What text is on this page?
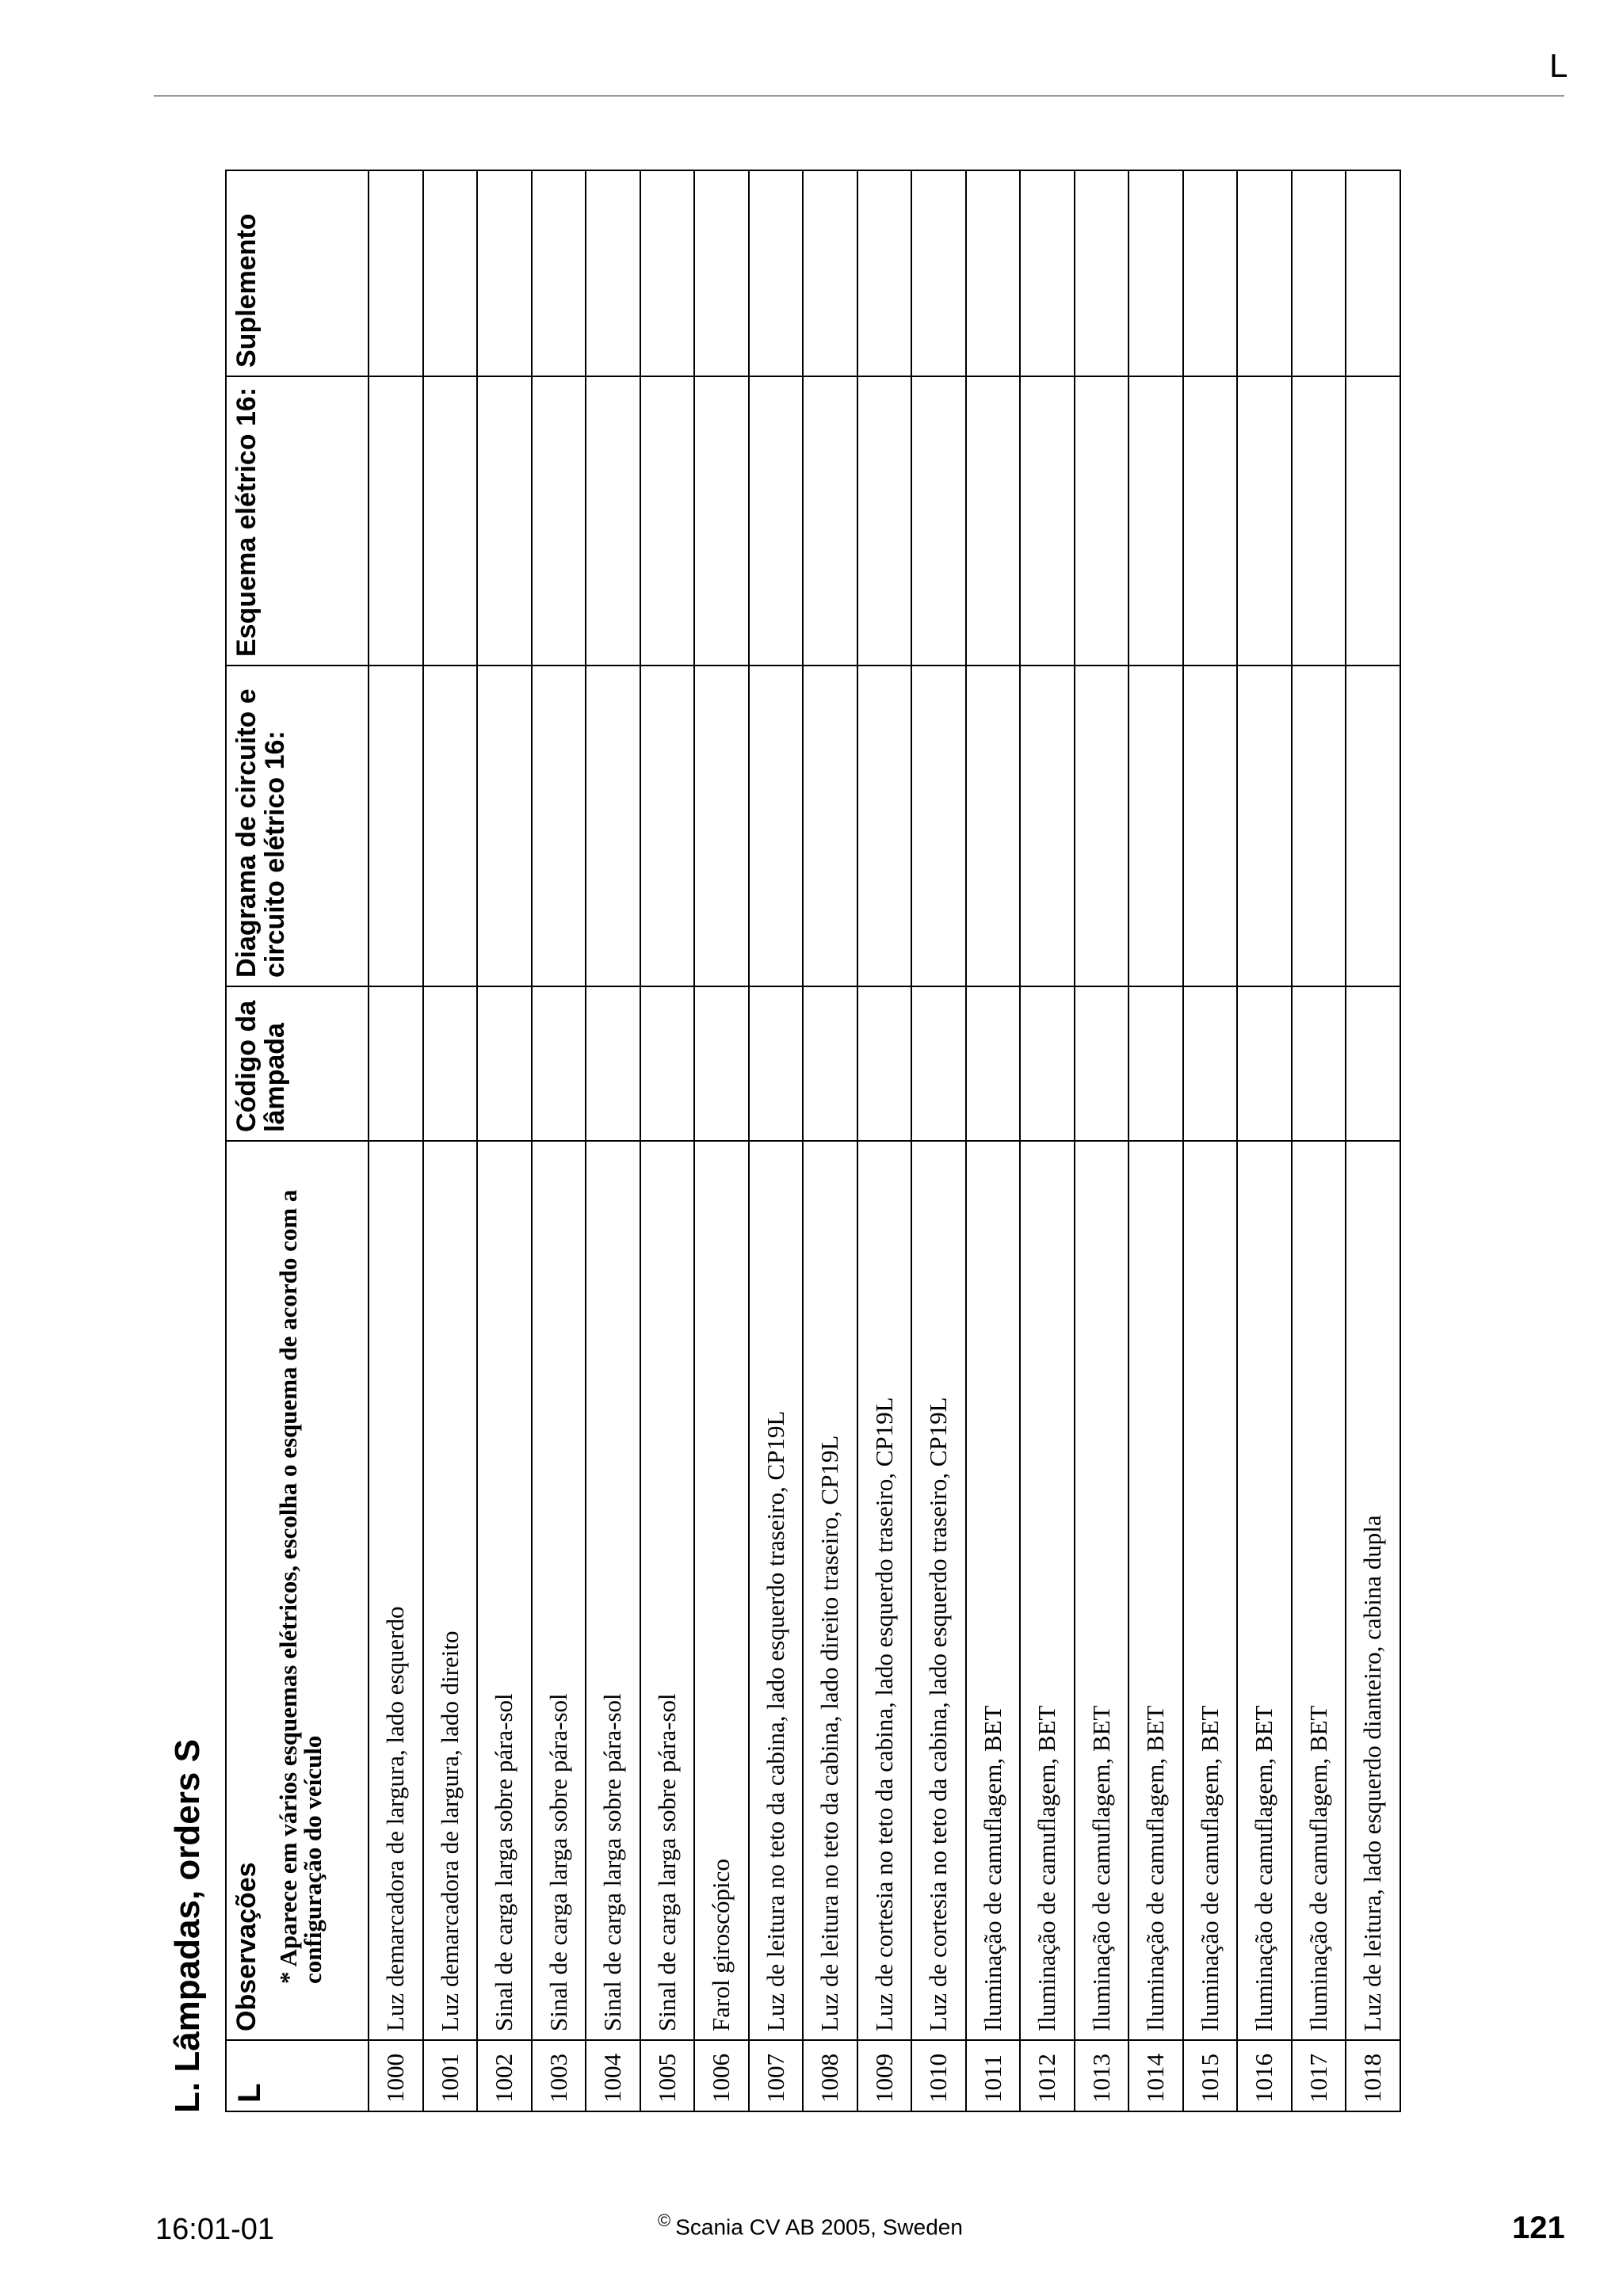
L
L. Lâmpadas, orders S L	Observações * Aparece em vários esquemas elétricos, escolha o esquema de acordo com a configuração do veículo	Código da lâmpada	Diagrama de circuito e circuito elétrico 16:	Esquema elétrico 16:	Suplemento
1000	Luz demarcadora de largura, lado esquerdo				
1001	Luz demarcadora de largura, lado direito				
1002	Sinal de carga larga sobre pára-sol				
1003	Sinal de carga larga sobre pára-sol				
1004	Sinal de carga larga sobre pára-sol				
1005	Sinal de carga larga sobre pára-sol				
1006	Farol giroscópico				
1007	Luz de leitura no teto da cabina, lado esquerdo traseiro, CP19L				
1008	Luz de leitura no teto da cabina, lado direito traseiro, CP19L				
1009	Luz de cortesia no teto da cabina, lado esquerdo traseiro, CP19L				
1010	Luz de cortesia no teto da cabina, lado esquerdo traseiro, CP19L				
1011	Iluminação de camuflagem, BET				
1012	Iluminação de camuflagem, BET				
1013	Iluminação de camuflagem, BET				
1014	Iluminação de camuflagem, BET				
1015	Iluminação de camuflagem, BET				
1016	Iluminação de camuflagem, BET				
1017	Iluminação de camuflagem, BET				
1018	Luz de leitura, lado esquerdo dianteiro, cabina dupla				
16:01-01	© Scania CV AB 2005, Sweden	121
